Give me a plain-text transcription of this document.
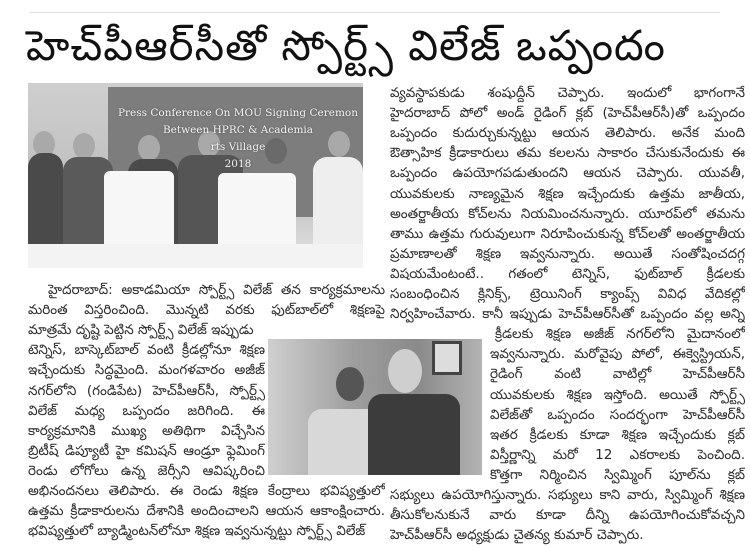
హెచ్‌పీఆర్‌సీతో స్పోర్ట్స్ విలేజ్ ఒప్పందం
Press Conference On MOU Signing Ceremon
Between HPRC & Academia
rts Village
2018
హైదరాబాద్: అకాడమియా స్పోర్ట్స్ విలేజ్ తన కార్యక్రమాలను
మరింత విస్తరించింది. మొన్నటి వరకు ఫుట్‌బాల్‌లో శిక్షణపై
మాత్రమే దృష్టి పెట్టిన స్పోర్ట్స్ విలేజ్ ఇప్పుడు
టెన్నిస్, బాస్కెట్‌బాల్ వంటి క్రీడల్లోనూ శిక్షణ
ఇచ్చేందుకు సిద్ధమైంది. మంగళవారం అజీజ్
నగర్‌లోని (గండిపేట) హెచ్‌పీఆర్‌సీ, స్పోర్ట్స్
విలేజ్ మధ్య ఒప్పందం జరిగింది. ఈ
కార్యక్రమానికి ముఖ్య అతిథిగా విచ్చేసిన
బ్రిటీష్ డిప్యూటీ హై కమిషన్ ఆండ్రూ ఫ్లెమింగ్
రెండు లోగోలు ఉన్న జెర్సీని ఆవిష్కరించి
అభినందనలు తెలిపారు. ఈ రెండు శిక్షణ కేంద్రాలు భవిష్యత్తులో
ఉత్తమ క్రీడాకారులను దేశానికి అందించాలని ఆయన ఆకాంక్షించారు.
భవిష్యత్తులో బ్యాడ్మింటన్‌లోనూ శిక్షణ ఇవ్వనున్నట్టు స్పోర్ట్స్ విలేజ్
వ్యవస్థాపకుడు శంషుద్దీన్ చెప్పారు. ఇందులో భాగంగానే
హైదరాబాద్ పోలో అండ్ రైడింగ్ క్లబ్ (హెచ్‌పీఆర్‌సీ)తో ఒప్పందం
ఒప్పందం కుదుర్చుకున్నట్టు ఆయన తెలిపారు. అనేక మంది
ఔత్సాహిక క్రీడాకారులు తమ కలలను సాకారం చేసుకునేందుకు ఈ
ఒప్పందం ఉపయోగపడుతుందని ఆయన చెప్పారు. యువతీ,
యువకులకు నాణ్యమైన శిక్షణ ఇచ్చేందుకు ఉత్తమ జాతీయ,
అంతర్జాతీయ కోచ్‌లను నియమించనున్నారు. యూరప్‌లో తమను
తాము ఉత్తమ గురువులుగా నిరూపించుకున్న కోచ్‌లతో అంతర్జాతీయ
ప్రమాణాలతో శిక్షణ ఇవ్వనున్నారు. అయితే సంతోషించదగ్గ
విషయమేంటంటే.. గతంలో టెన్నిస్, ఫుట్‌బాల్ క్రీడలకు
సంబంధించిన క్లినిక్స్, ట్రెయినింగ్ క్యాంప్స్ వివిధ వేదికల్లో
నిర్వహించేవారు. కానీ ఇప్పుడు హెచ్‌పీఆర్‌సీతో ఒప్పందం వల్ల అన్ని
క్రీడలకు శిక్షణ అజీజ్ నగర్‌లోని మైదానంలో
ఇవ్వనున్నారు. మరోవైపు పోలో, ఈక్వెస్ట్రియన్,
రైడింగ్ వంటి వాటిల్లో హెచ్‌పీఆర్‌సీ
యువకులకు శిక్షణ ఇస్తోంది. అయితే స్పోర్ట్స్
విలేజ్‌తో ఒప్పందం సందర్భంగా హెచ్‌పీఆర్‌సీ
ఇతర క్రీడలకు కూడా శిక్షణ ఇచ్చేందుకు క్లబ్
విస్తీర్ణాన్ని మరో 12 ఎకరాలకు పెంచింది.
కొత్తగా నిర్మించిన స్విమ్మింగ్ పూల్‌ను క్లబ్
సభ్యులు ఉపయోగిస్తున్నారు. సభ్యులు కాని వారు, స్విమ్మింగ్ శిక్షణ
తీసుకోలనుకునే వారు కూడా దీన్ని ఉపయోగించుకోవచ్చని
హెచ్‌పీఆర్‌సీ అధ్యక్షుడు చైతన్య కుమార్ చెప్పారు.
